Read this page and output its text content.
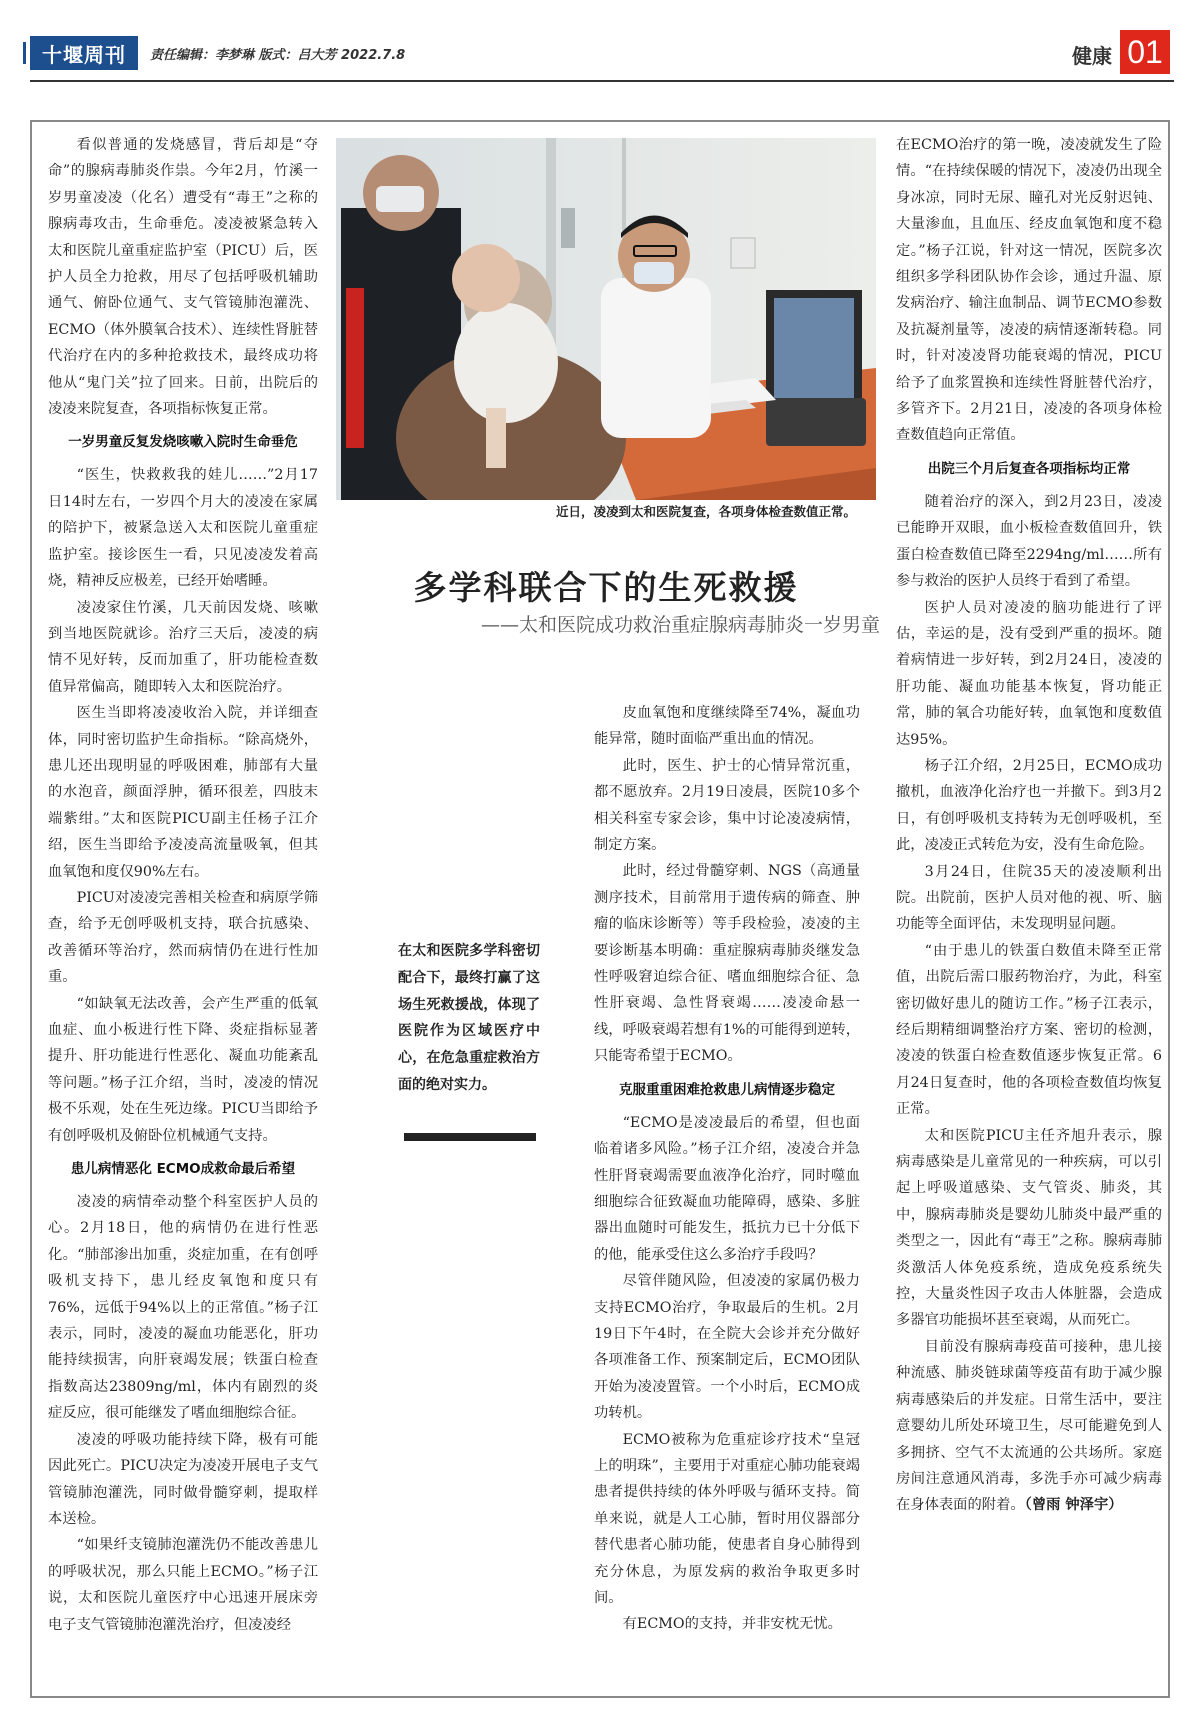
十堰周刊	责任编辑：李梦琳 版式：吕大芳 2022.7.8	健康 01

看似普通的发烧感冒，背后却是“夺命”的腺病毒肺炎作祟。今年2月，竹溪一岁男童凌凌（化名）遭受有“毒王”之称的腺病毒攻击，生命垂危。凌凌被紧急转入太和医院儿童重症监护室（PICU）后，医护人员全力抢救，用尽了包括呼吸机辅助通气、俯卧位通气、支气管镜肺泡灌洗、ECMO（体外膜氧合技术）、连续性肾脏替代治疗在内的多种抢救技术，最终成功将他从“鬼门关”拉了回来。日前，出院后的凌凌来院复查，各项指标恢复正常。

一岁男童反复发烧咳嗽入院时生命垂危

“医生，快救救我的娃儿……”2月17日14时左右，一岁四个月大的凌凌在家属的陪护下，被紧急送入太和医院儿童重症监护室。接诊医生一看，只见凌凌发着高烧，精神反应极差，已经开始嗜睡。

凌凌家住竹溪，几天前因发烧、咳嗽到当地医院就诊。治疗三天后，凌凌的病情不见好转，反而加重了，肝功能检查数值异常偏高，随即转入太和医院治疗。

医生当即将凌凌收治入院，并详细查体，同时密切监护生命指标。“除高烧外，患儿还出现明显的呼吸困难，肺部有大量的水泡音，颜面浮肿，循环很差，四肢末端紫绀。”太和医院PICU副主任杨子江介绍，医生当即给予凌凌高流量吸氧，但其血氧饱和度仅90%左右。

PICU对凌凌完善相关检查和病原学筛查，给予无创呼吸机支持，联合抗感染、改善循环等治疗，然而病情仍在进行性加重。

“如缺氧无法改善，会产生严重的低氧血症、血小板进行性下降、炎症指标显著提升、肝功能进行性恶化、凝血功能紊乱等问题。”杨子江介绍，当时，凌凌的情况极不乐观，处在生死边缘。PICU当即给予有创呼吸机及俯卧位机械通气支持。

患儿病情恶化 ECMO成救命最后希望

凌凌的病情牵动整个科室医护人员的心。2月18日，他的病情仍在进行性恶化。“肺部渗出加重，炎症加重，在有创呼吸机支持下，患儿经皮氧饱和度只有76%，远低于94%以上的正常值。”杨子江表示，同时，凌凌的凝血功能恶化，肝功能持续损害，向肝衰竭发展；铁蛋白检查指数高达23809ng/ml，体内有剧烈的炎症反应，很可能继发了嗜血细胞综合征。

凌凌的呼吸功能持续下降，极有可能因此死亡。PICU决定为凌凌开展电子支气管镜肺泡灌洗，同时做骨髓穿刺，提取样本送检。

“如果纤支镜肺泡灌洗仍不能改善患儿的呼吸状况，那么只能上ECMO。”杨子江说，太和医院儿童医疗中心迅速开展床旁电子支气管镜肺泡灌洗治疗，但凌凌经

近日，凌凌到太和医院复查，各项身体检查数值正常。
多学科联合下的生死救援
——太和医院成功救治重症腺病毒肺炎一岁男童
在太和医院多学科密切配合下，最终打赢了这场生死救援战，体现了医院作为区域医疗中心，在危急重症救治方面的绝对实力。

皮血氧饱和度继续降至74%，凝血功能异常，随时面临严重出血的情况。

此时，医生、护士的心情异常沉重，都不愿放弃。2月19日凌晨，医院10多个相关科室专家会诊，集中讨论凌凌病情，制定方案。

此时，经过骨髓穿刺、NGS（高通量测序技术，目前常用于遗传病的筛查、肿瘤的临床诊断等）等手段检验，凌凌的主要诊断基本明确：重症腺病毒肺炎继发急性呼吸窘迫综合征、嗜血细胞综合征、急性肝衰竭、急性肾衰竭……凌凌命悬一线，呼吸衰竭若想有1%的可能得到逆转，只能寄希望于ECMO。

克服重重困难抢救患儿病情逐步稳定

“ECMO是凌凌最后的希望，但也面临着诸多风险。”杨子江介绍，凌凌合并急性肝肾衰竭需要血液净化治疗，同时噬血细胞综合征致凝血功能障碍，感染、多脏器出血随时可能发生，抵抗力已十分低下的他，能承受住这么多治疗手段吗？

尽管伴随风险，但凌凌的家属仍极力支持ECMO治疗，争取最后的生机。2月19日下午4时，在全院大会诊并充分做好各项准备工作、预案制定后，ECMO团队开始为凌凌置管。一个小时后，ECMO成功转机。

ECMO被称为危重症诊疗技术“皇冠上的明珠”，主要用于对重症心肺功能衰竭患者提供持续的体外呼吸与循环支持。简单来说，就是人工心肺，暂时用仪器部分替代患者心肺功能，使患者自身心肺得到充分休息，为原发病的救治争取更多时间。

有ECMO的支持，并非安枕无忧。

在ECMO治疗的第一晚，凌凌就发生了险情。“在持续保暖的情况下，凌凌仍出现全身冰凉，同时无尿、瞳孔对光反射迟钝、大量渗血，且血压、经皮血氧饱和度不稳定。”杨子江说，针对这一情况，医院多次组织多学科团队协作会诊，通过升温、原发病治疗、输注血制品、调节ECMO参数及抗凝剂量等，凌凌的病情逐渐转稳。同时，针对凌凌肾功能衰竭的情况，PICU给予了血浆置换和连续性肾脏替代治疗，多管齐下。2月21日，凌凌的各项身体检查数值趋向正常值。

出院三个月后复查各项指标均正常

随着治疗的深入，到2月23日，凌凌已能睁开双眼，血小板检查数值回升，铁蛋白检查数值已降至2294ng/ml……所有参与救治的医护人员终于看到了希望。

医护人员对凌凌的脑功能进行了评估，幸运的是，没有受到严重的损坏。随着病情进一步好转，到2月24日，凌凌的肝功能、凝血功能基本恢复，肾功能正常，肺的氧合功能好转，血氧饱和度数值达95%。

杨子江介绍，2月25日，ECMO成功撤机，血液净化治疗也一并撤下。到3月2日，有创呼吸机支持转为无创呼吸机，至此，凌凌正式转危为安，没有生命危险。

3月24日，住院35天的凌凌顺利出院。出院前，医护人员对他的视、听、脑功能等全面评估，未发现明显问题。

“由于患儿的铁蛋白数值未降至正常值，出院后需口服药物治疗，为此，科室密切做好患儿的随访工作。”杨子江表示，经后期精细调整治疗方案、密切的检测，凌凌的铁蛋白检查数值逐步恢复正常。6月24日复查时，他的各项检查数值均恢复正常。

太和医院PICU主任齐旭升表示，腺病毒感染是儿童常见的一种疾病，可以引起上呼吸道感染、支气管炎、肺炎，其中，腺病毒肺炎是婴幼儿肺炎中最严重的类型之一，因此有“毒王”之称。腺病毒肺炎激活人体免疫系统，造成免疫系统失控，大量炎性因子攻击人体脏器，会造成多器官功能损坏甚至衰竭，从而死亡。

目前没有腺病毒疫苗可接种，患儿接种流感、肺炎链球菌等疫苗有助于减少腺病毒感染后的并发症。日常生活中，要注意婴幼儿所处环境卫生，尽可能避免到人多拥挤、空气不太流通的公共场所。家庭房间注意通风消毒，多洗手亦可减少病毒在身体表面的附着。（曾雨 钟泽宇）
